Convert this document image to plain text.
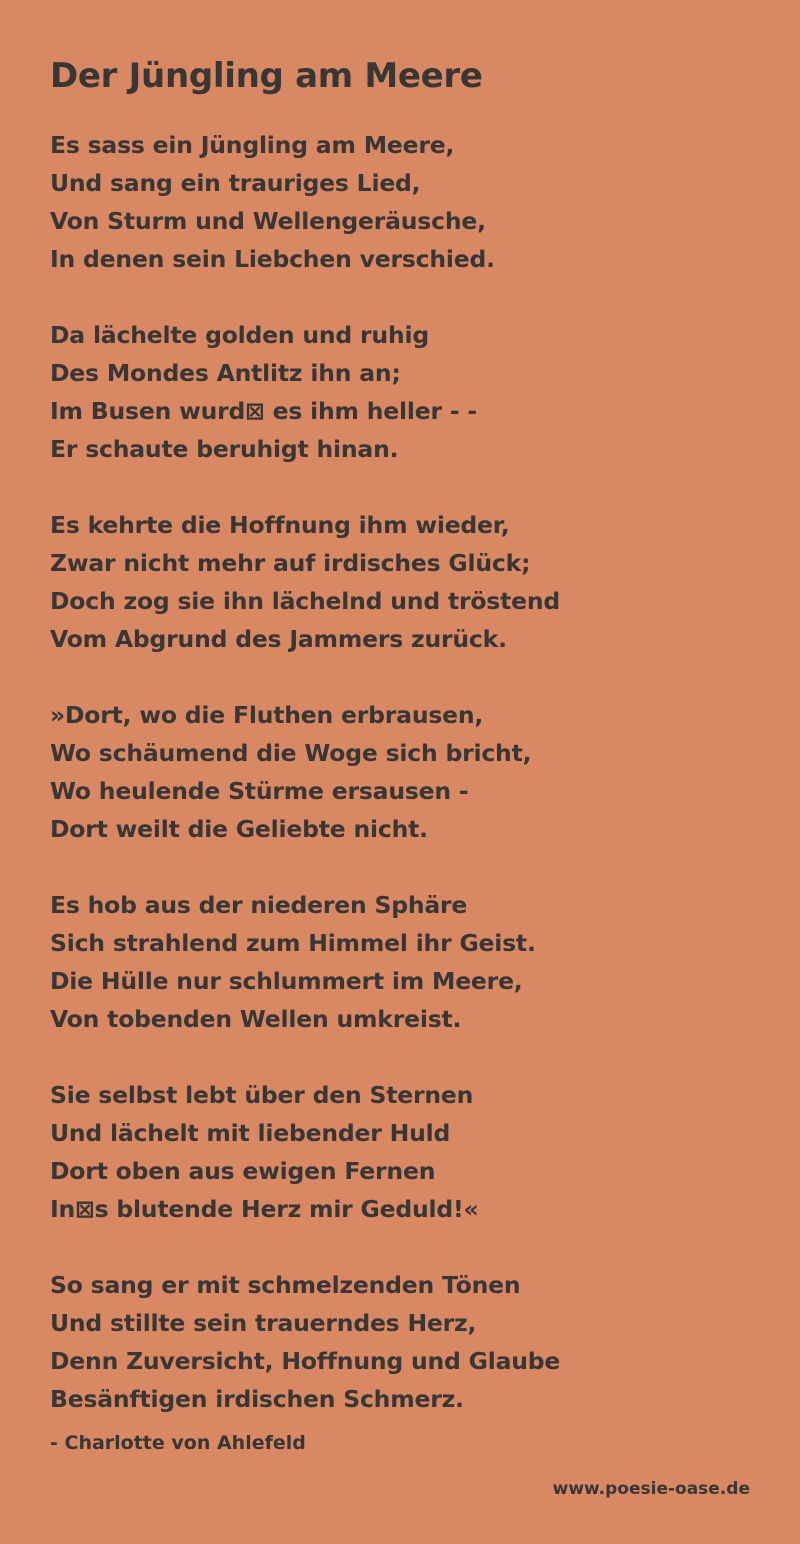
Der Jüngling am Meere
Es sass ein Jüngling am Meere,
Und sang ein trauriges Lied,
Von Sturm und Wellengeräusche,
In denen sein Liebchen verschied.
Da lächelte golden und ruhig
Des Mondes Antlitz ihn an;
Im Busen wurd⊠ es ihm heller - -
Er schaute beruhigt hinan.
Es kehrte die Hoffnung ihm wieder,
Zwar nicht mehr auf irdisches Glück;
Doch zog sie ihn lächelnd und tröstend
Vom Abgrund des Jammers zurück.
»Dort, wo die Fluthen erbrausen,
Wo schäumend die Woge sich bricht,
Wo heulende Stürme ersausen -
Dort weilt die Geliebte nicht.
Es hob aus der niederen Sphäre
Sich strahlend zum Himmel ihr Geist.
Die Hülle nur schlummert im Meere,
Von tobenden Wellen umkreist.
Sie selbst lebt über den Sternen
Und lächelt mit liebender Huld
Dort oben aus ewigen Fernen
In⊠s blutende Herz mir Geduld!«
So sang er mit schmelzenden Tönen
Und stillte sein trauerndes Herz,
Denn Zuversicht, Hoffnung und Glaube
Besänftigen irdischen Schmerz.
- Charlotte von Ahlefeld
www.poesie-oase.de
